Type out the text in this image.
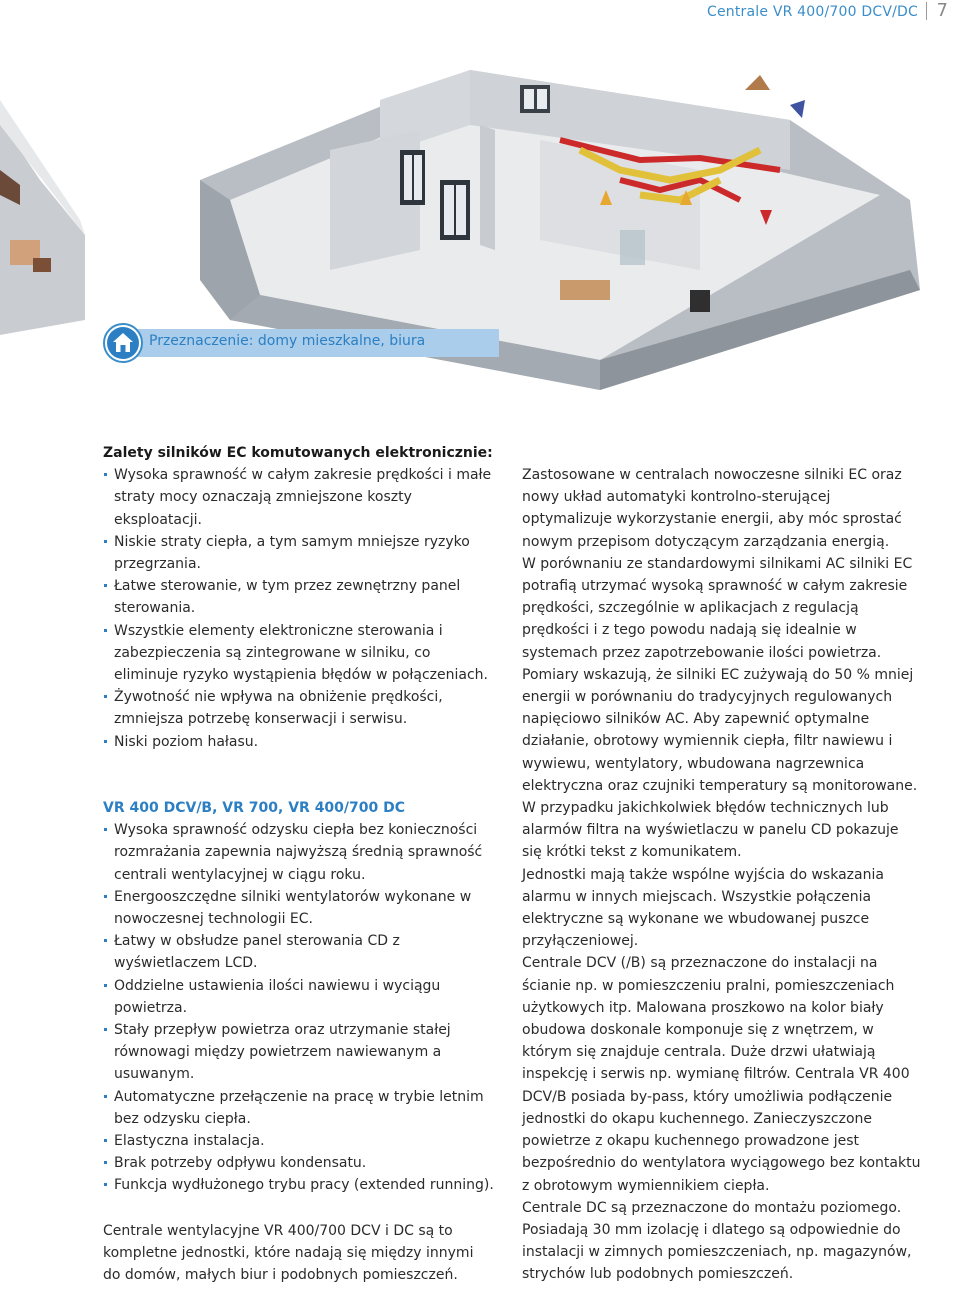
Centrale VR 400/700 DCV/DC 7
Przeznaczenie: domy mieszkalne, biura
Zalety silników EC komutowanych elektronicznie:
Wysoka sprawność w całym zakresie prędkości i małe straty mocy oznaczają zmniejszone koszty eksploatacji.
Niskie straty ciepła, a tym samym mniejsze ryzyko przegrzania.
Łatwe sterowanie, w tym przez zewnętrzny panel sterowania.
Wszystkie elementy elektroniczne sterowania i zabezpieczenia są zintegrowane w silniku, co eliminuje ryzyko wystąpienia błędów w połączeniach.
Żywotność nie wpływa na obniżenie prędkości, zmniejsza potrzebę konserwacji i serwisu.
Niski poziom hałasu.
VR 400 DCV/B, VR 700, VR 400/700 DC
Wysoka sprawność odzysku ciepła bez konieczności rozmrażania zapewnia najwyższą średnią sprawność centrali wentylacyjnej w ciągu roku.
Energooszczędne silniki wentylatorów wykonane w nowoczesnej technologii EC.
Łatwy w obsłudze panel sterowania CD z wyświetlaczem LCD.
Oddzielne ustawienia ilości nawiewu i wyciągu powietrza.
Stały przepływ powietrza oraz utrzymanie stałej równowagi między powietrzem nawiewanym a usuwanym.
Automatyczne przełączenie na pracę w trybie letnim bez odzysku ciepła.
Elastyczna instalacja.
Brak potrzeby odpływu kondensatu.
Funkcja wydłużonego trybu pracy (extended running).

Centrale wentylacyjne VR 400/700 DCV i DC są to kompletne jednostki, które nadają się między innymi do domów, małych biur i podobnych pomieszczeń.

Zastosowane w centralach nowoczesne silniki EC oraz nowy układ automatyki kontrolno-sterującej optymalizuje wykorzystanie energii, aby móc sprostać nowym przepisom dotyczącym zarządzania energią.

W porównaniu ze standardowymi silnikami AC silniki EC potrafią utrzymać wysoką sprawność w całym zakresie prędkości, szczególnie w aplikacjach z regulacją prędkości i z tego powodu nadają się idealnie w systemach przez zapotrzebowanie ilości powietrza.

Pomiary wskazują, że silniki EC zużywają do 50 % mniej energii w porównaniu do tradycyjnych regulowanych napięciowo silników AC. Aby zapewnić optymalne działanie, obrotowy wymiennik ciepła, filtr nawiewu i wywiewu, wentylatory, wbudowana nagrzewnica elektryczna oraz czujniki temperatury są monitorowane.

W przypadku jakichkolwiek błędów technicznych lub alarmów filtra na wyświetlaczu w panelu CD pokazuje się krótki tekst z komunikatem.

Jednostki mają także wspólne wyjścia do wskazania alarmu w innych miejscach. Wszystkie połączenia elektryczne są wykonane we wbudowanej puszce przyłączeniowej.

Centrale DCV (/B) są przeznaczone do instalacji na ścianie np. w pomieszczeniu pralni, pomieszczeniach użytkowych itp. Malowana proszkowo na kolor biały obudowa doskonale komponuje się z wnętrzem, w którym się znajduje centrala. Duże drzwi ułatwiają inspekcję i serwis np. wymianę filtrów. Centrala VR 400 DCV/B posiada by-pass, który umożliwia podłączenie jednostki do okapu kuchennego. Zanieczyszczone powietrze z okapu kuchennego prowadzone jest bezpośrednio do wentylatora wyciągowego bez kontaktu z obrotowym wymiennikiem ciepła.

Centrale DC są przeznaczone do montażu poziomego. Posiadają 30 mm izolację i dlatego są odpowiednie do instalacji w zimnych pomieszczeniach, np. magazynów, strychów lub podobnych pomieszczeń.
